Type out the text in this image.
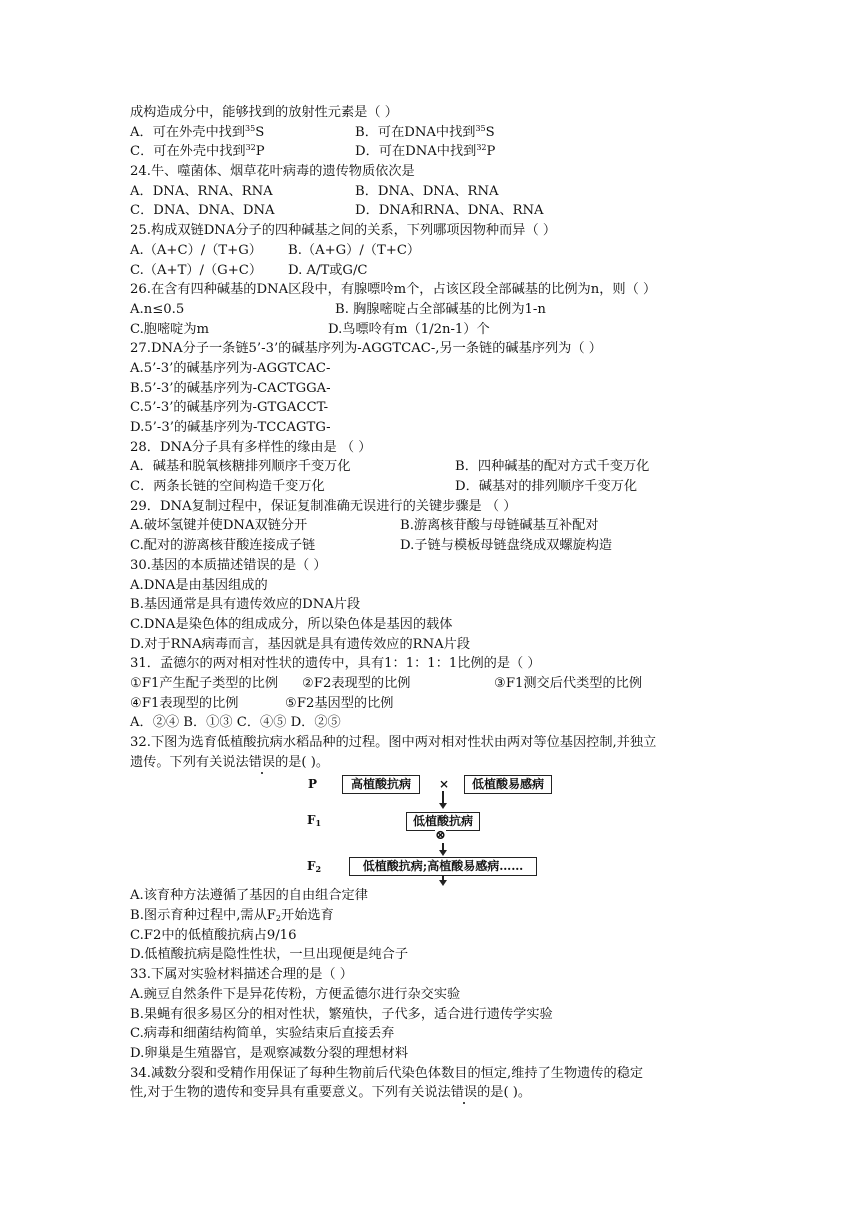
成构造成分中，能够找到的放射性元素是（ ）
A．可在外壳中找到$^{35}$S	B．可在DNA中找到$^{35}$S
C．可在外壳中找到$^{32}$P	D．可在DNA中找到$^{32}$P
24.牛、噬菌体、烟草花叶病毒的遗传物质依次是
A．DNA、RNA、RNA	B．DNA、DNA、RNA
C．DNA、DNA、DNA	D．DNA和RNA、DNA、RNA
25.构成双链DNA分子的四种碱基之间的关系，下列哪项因物种而异（ ）
A.（A+C）/（T+G）	B.（A+G）/（T+C）
C.（A+T）/（G+C）	D. A/T或G/C
26.在含有四种碱基的DNA区段中，有腺嘌呤m个，占该区段全部碱基的比例为n，则（ ）
A.n≤0.5	B. 胸腺嘧啶占全部碱基的比例为1-n
C.胞嘧啶为m	D.鸟嘌呤有m（1/2n-1）个
27.DNA分子一条链5’-3’的碱基序列为-AGGTCAC-,另一条链的碱基序列为（ ）
A.5’-3’的碱基序列为-AGGTCAC-
B.5’-3’的碱基序列为-CACTGGA-
C.5’-3’的碱基序列为-GTGACCT-
D.5’-3’的碱基序列为-TCCAGTG-
28．DNA分子具有多样性的缘由是 （ ）
A．碱基和脱氧核糖排列顺序千变万化	B．四种碱基的配对方式千变万化
C．两条长链的空间构造千变万化	D．碱基对的排列顺序千变万化
29．DNA复制过程中，保证复制准确无误进行的关键步骤是 （ ）
A.破坏氢键并使DNA双链分开	B.游离核苷酸与母链碱基互补配对
C.配对的游离核苷酸连接成子链	D.子链与模板母链盘绕成双螺旋构造
30.基因的本质描述错误的是（ ）
A.DNA是由基因组成的
B.基因通常是具有遗传效应的DNA片段
C.DNA是染色体的组成成分，所以染色体是基因的载体
D.对于RNA病毒而言，基因就是具有遗传效应的RNA片段
31．孟德尔的两对相对性状的遗传中，具有1：1：1：1比例的是（ ）
①F1产生配子类型的比例	②F2表现型的比例	③F1测交后代类型的比例
④F1表现型的比例	⑤F2基因型的比例
A．②④ B．①③ C．④⑤ D．②⑤
32.下图为选育低植酸抗病水稻品种的过程。图中两对相对性状由两对等位基因控制,并独立
遗传。下列有关说法错误的是( )。
P	高植酸抗病	×	低植酸易感病
$F_1$	低植酸抗病
⊗
$F_2$	低植酸抗病;高植酸易感病……
A.该育种方法遵循了基因的自由组合定律
B.图示育种过程中,需从$F_2$开始选育
C.F2中的低植酸抗病占9/16
D.低植酸抗病是隐性性状，一旦出现便是纯合子
33.下属对实验材料描述合理的是（ ）
A.豌豆自然条件下是异花传粉，方便孟德尔进行杂交实验
B.果蝇有很多易区分的相对性状，繁殖快，子代多，适合进行遗传学实验
C.病毒和细菌结构简单，实验结束后直接丢弃
D.卵巢是生殖器官，是观察减数分裂的理想材料
34.减数分裂和受精作用保证了每种生物前后代染色体数目的恒定,维持了生物遗传的稳定
性,对于生物的遗传和变异具有重要意义。下列有关说法错误的是( )。
